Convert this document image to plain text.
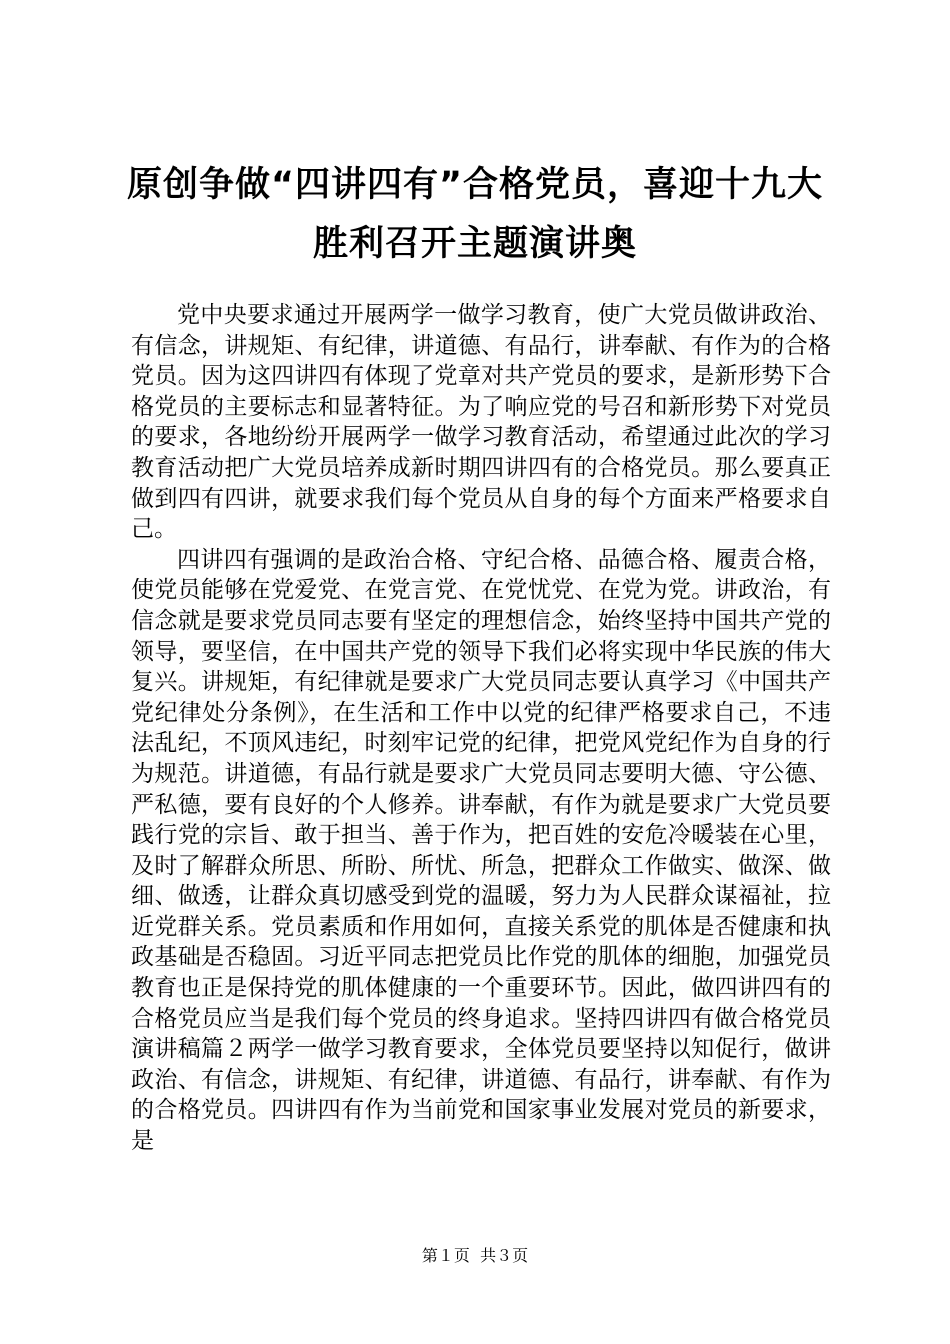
原创争做“四讲四有”合格党员，喜迎十九大
胜利召开主题演讲奥

党中央要求通过开展两学一做学习教育，使广大党员做讲政治、有信念，讲规矩、有纪律，讲道德、有品行，讲奉献、有作为的合格党员。因为这四讲四有体现了党章对共产党员的要求，是新形势下合格党员的主要标志和显著特征。为了响应党的号召和新形势下对党员的要求，各地纷纷开展两学一做学习教育活动，希望通过此次的学习教育活动把广大党员培养成新时期四讲四有的合格党员。那么要真正做到四有四讲，就要求我们每个党员从自身的每个方面来严格要求自己。

四讲四有强调的是政治合格、守纪合格、品德合格、履责合格，使党员能够在党爱党、在党言党、在党忧党、在党为党。讲政治，有信念就是要求党员同志要有坚定的理想信念，始终坚持中国共产党的领导，要坚信，在中国共产党的领导下我们必将实现中华民族的伟大复兴。讲规矩，有纪律就是要求广大党员同志要认真学习《中国共产党纪律处分条例》，在生活和工作中以党的纪律严格要求自己，不违法乱纪，不顶风违纪，时刻牢记党的纪律，把党风党纪作为自身的行为规范。讲道德，有品行就是要求广大党员同志要明大德、守公德、严私德，要有良好的个人修养。讲奉献，有作为就是要求广大党员要践行党的宗旨、敢于担当、善于作为，把百姓的安危冷暖装在心里，及时了解群众所思、所盼、所忧、所急，把群众工作做实、做深、做细、做透，让群众真切感受到党的温暖，努力为人民群众谋福祉，拉近党群关系。党员素质和作用如何，直接关系党的肌体是否健康和执政基础是否稳固。习近平同志把党员比作党的肌体的细胞，加强党员教育也正是保持党的肌体健康的一个重要环节。因此，做四讲四有的合格党员应当是我们每个党员的终身追求。坚持四讲四有做合格党员演讲稿篇２两学一做学习教育要求，全体党员要坚持以知促行，做讲政治、有信念，讲规矩、有纪律，讲道德、有品行，讲奉献、有作为的合格党员。四讲四有作为当前党和国家事业发展对党员的新要求，是

第１页  共３页
